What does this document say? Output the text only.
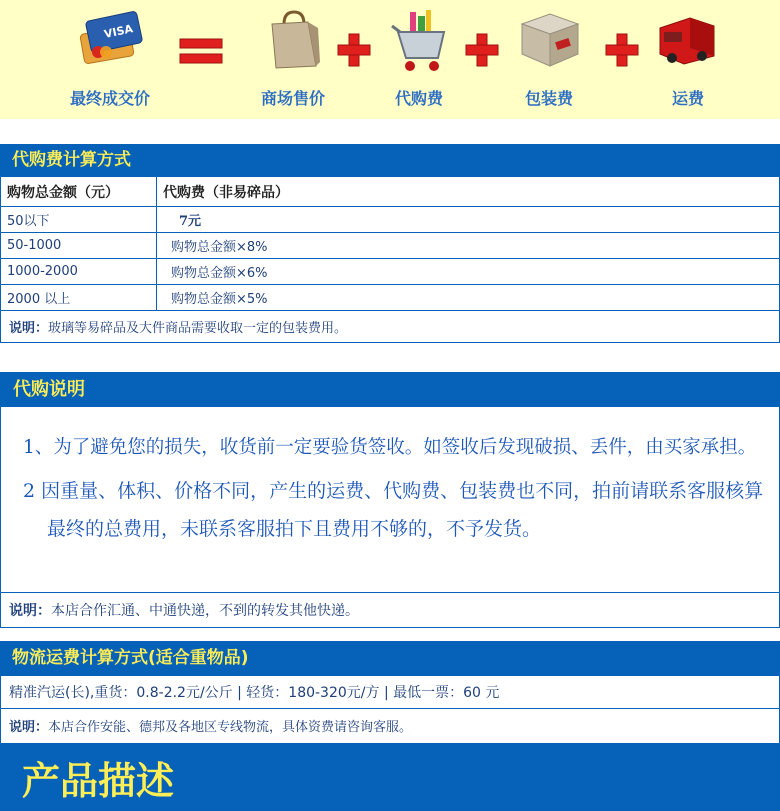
VISA
最终成交价	商场售价	代购费	包装费	运费
代购费计算方式
购物总金额（元）	代购费（非易碎品）
50以下	7元
50-1000	购物总金额×8%
1000-2000	购物总金额×6%
2000 以上	购物总金额×5%
说明：玻璃等易碎品及大件商品需要收取一定的包装费用。	
代购说明
1、为了避免您的损失，收货前一定要验货签收。如签收后发现破损、丢件，由买家承担。
2 因重量、体积、价格不同，产生的运费、代购费、包装费也不同，拍前请联系客服核算
最终的总费用，未联系客服拍下且费用不够的，不予发货。
说明：本店合作汇通、中通快递，不到的转发其他快递。
物流运费计算方式(适合重物品)
精准汽运(长),重货：0.8-2.2元/公斤 | 轻货：180-320元/方 | 最低一票：60 元
说明：本店合作安能、德邦及各地区专线物流，具体资费请咨询客服。
产品描述
